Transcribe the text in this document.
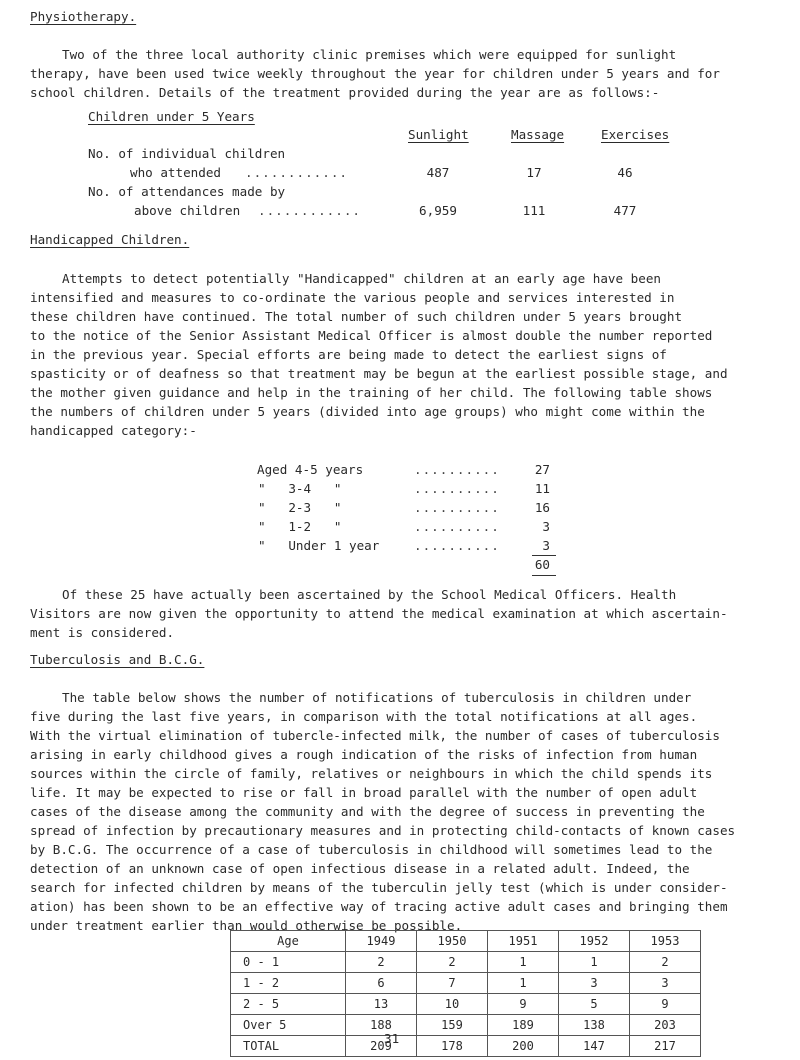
Physiotherapy.
Two of the three local authority clinic premises which were equipped for sunlight
therapy, have been used twice weekly throughout the year for children under 5 years and for
school children. Details of the treatment provided during the year are as follows:-
Children under 5 Years
Sunlight	Massage	Exercises
No. of individual children
who attended ............	487	17	46
No. of attendances made by
above children ............	6,959	111	477
Handicapped Children.
Attempts to detect potentially "Handicapped" children at an early age have been
intensified and measures to co-ordinate the various people and services interested in
these children have continued. The total number of such children under 5 years brought
to the notice of the Senior Assistant Medical Officer is almost double the number reported
in the previous year. Special efforts are being made to detect the earliest signs of
spasticity or of deafness so that treatment may be begun at the earliest possible stage, and
the mother given guidance and help in the training of her child. The following table shows
the numbers of children under 5 years (divided into age groups) who might come within the
handicapped category:-
Aged 4-5 years	..........	27
"   3-4   "	..........	11
"   2-3   "	..........	16
"   1-2   "	..........	3
"   Under 1 year	..........	3
60
Of these 25 have actually been ascertained by the School Medical Officers. Health
Visitors are now given the opportunity to attend the medical examination at which ascertain-
ment is considered.
Tuberculosis and B.C.G.
The table below shows the number of notifications of tuberculosis in children under
five during the last five years, in comparison with the total notifications at all ages.
With the virtual elimination of tubercle-infected milk, the number of cases of tuberculosis
arising in early childhood gives a rough indication of the risks of infection from human
sources within the circle of family, relatives or neighbours in which the child spends its
life. It may be expected to rise or fall in broad parallel with the number of open adult
cases of the disease among the community and with the degree of success in preventing the
spread of infection by precautionary measures and in protecting child-contacts of known cases
by B.C.G. The occurrence of a case of tuberculosis in childhood will sometimes lead to the
detection of an unknown case of open infectious disease in a related adult. Indeed, the
search for infected children by means of the tuberculin jelly test (which is under consider-
ation) has been shown to be an effective way of tracing active adult cases and bringing them
under treatment earlier than would otherwise be possible.
Age	1949	1950	1951	1952	1953
0 - 1	2	2	1	1	2
1 - 2	6	7	1	3	3
2 - 5	13	10	9	5	9
Over 5	188	159	189	138	203
TOTAL	209	178	200	147	217
31
